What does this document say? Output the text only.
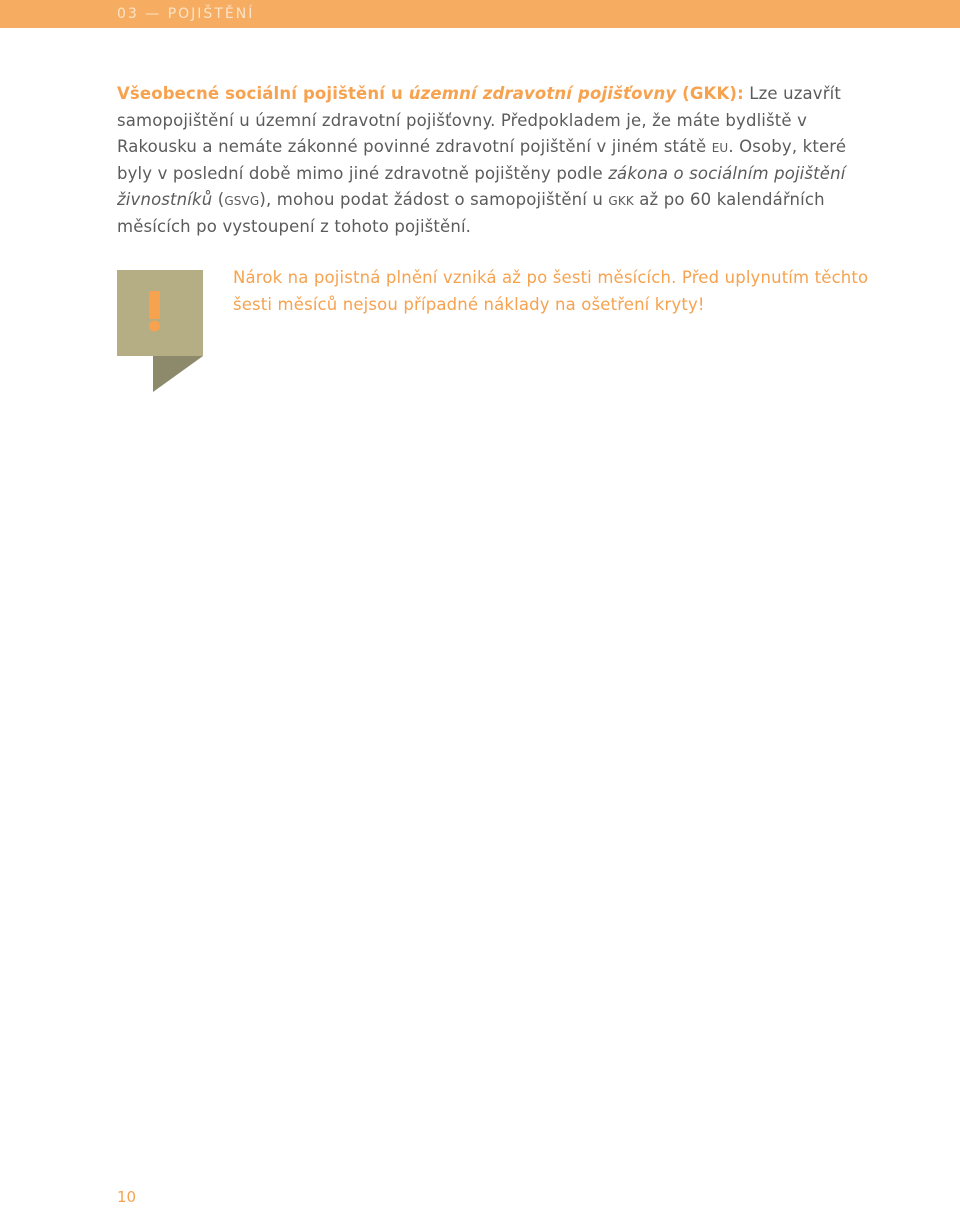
03 — POJIŠTĚNÍ

Všeobecné sociální pojištění u územní zdravotní pojišťovny (GKK): Lze uzavřít samopojištění u územní zdravotní pojišťovny. Předpokladem je, že máte bydliště v Rakousku a nemáte zákonné povinné zdravotní pojištění v jiném státě eu. Osoby, které byly v poslední době mimo jiné zdravotně pojištěny podle zákona o sociálním pojištění živnostníků (gsvg), mohou podat žádost o samopojištění u gkk až po 60 kalendářních měsících po vystoupení z tohoto pojištění.

Nárok na pojistná plnění vzniká až po šesti měsících. Před uplynutím těchto šesti měsíců nejsou případné náklady na ošetření kryty!

10
